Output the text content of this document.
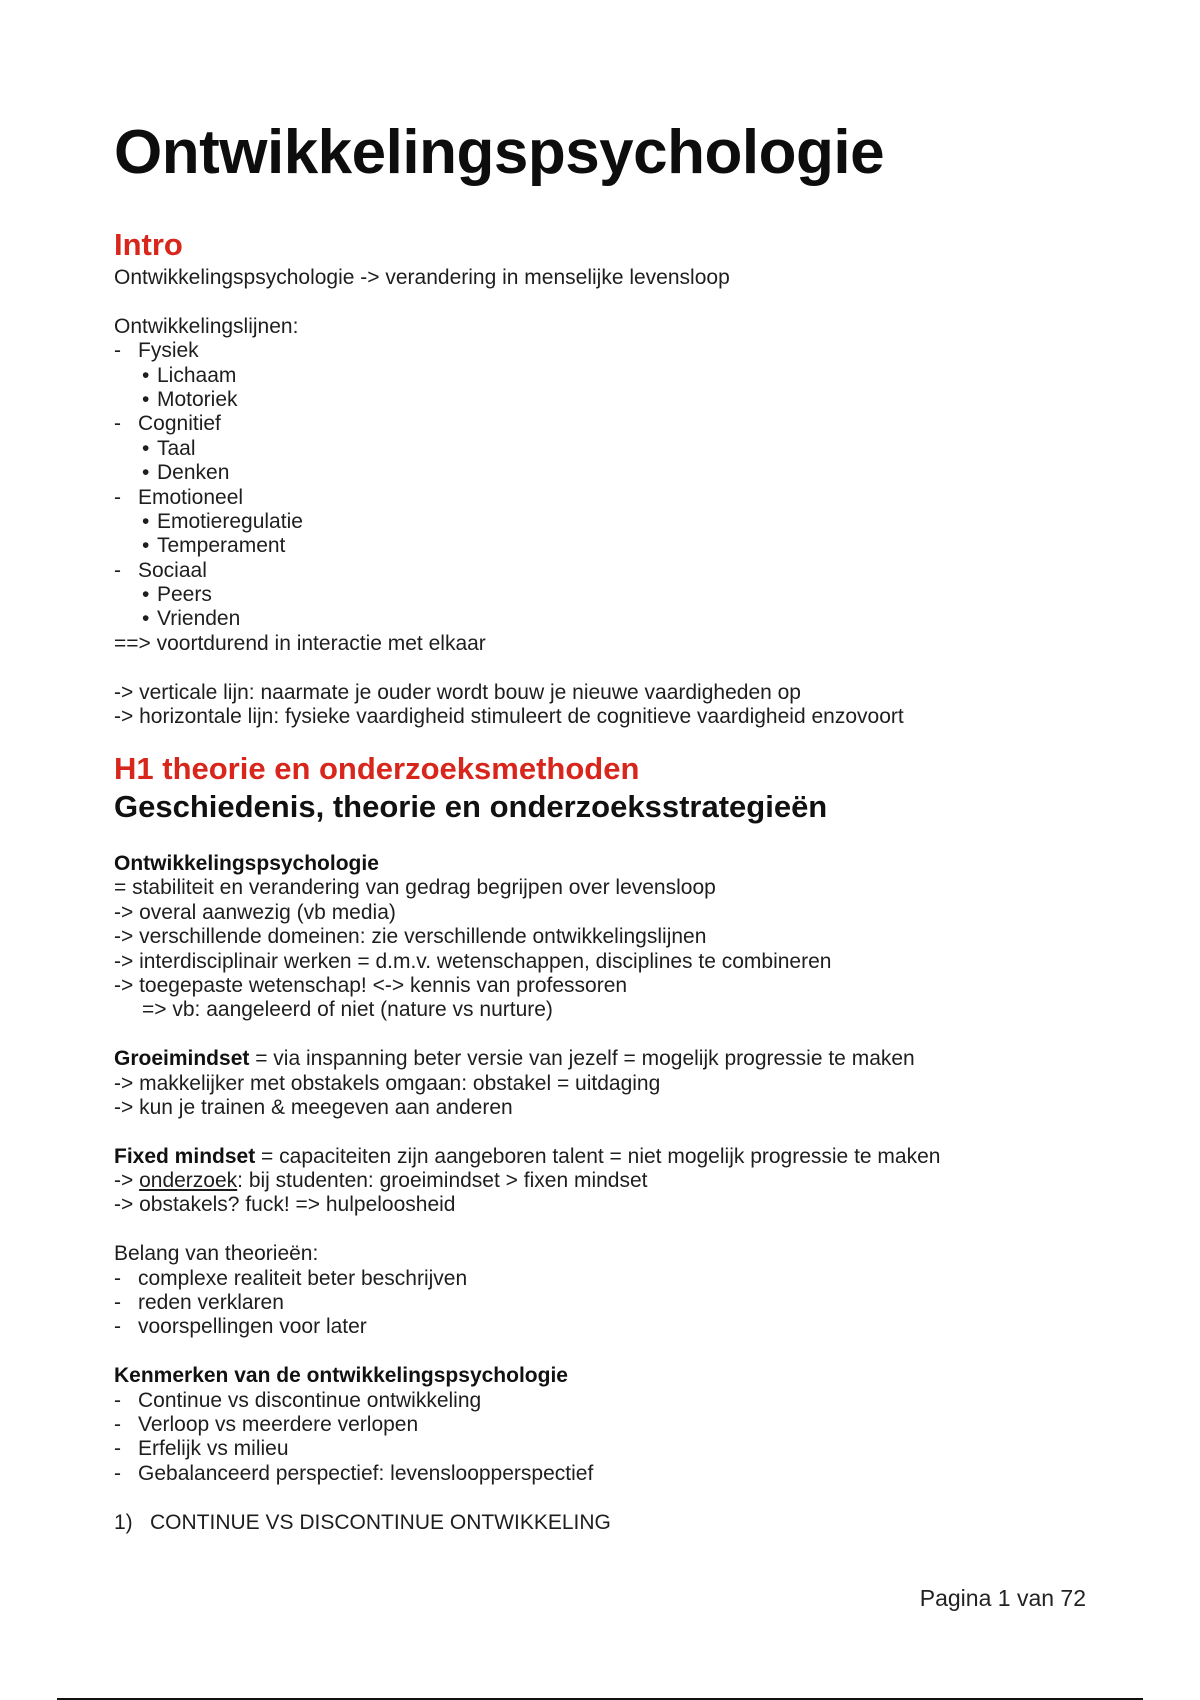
Ontwikkelingspsychologie
Intro
Ontwikkelingspsychologie -> verandering in menselijke levensloop
Ontwikkelingslijnen:
- Fysiek
• Lichaam
• Motoriek
- Cognitief
• Taal
• Denken
- Emotioneel
• Emotieregulatie
• Temperament
- Sociaal
• Peers
• Vrienden
==> voortdurend in interactie met elkaar
-> verticale lijn: naarmate je ouder wordt bouw je nieuwe vaardigheden op
-> horizontale lijn: fysieke vaardigheid stimuleert de cognitieve vaardigheid enzovoort
H1 theorie en onderzoeksmethoden
Geschiedenis, theorie en onderzoeksstrategieën
Ontwikkelingspsychologie
= stabiliteit en verandering van gedrag begrijpen over levensloop
-> overal aanwezig (vb media)
-> verschillende domeinen: zie verschillende ontwikkelingslijnen
-> interdisciplinair werken = d.m.v. wetenschappen, disciplines te combineren
-> toegepaste wetenschap! <-> kennis van professoren
=> vb: aangeleerd of niet (nature vs nurture)
Groeimindset = via inspanning beter versie van jezelf = mogelijk progressie te maken
-> makkelijker met obstakels omgaan: obstakel = uitdaging
-> kun je trainen & meegeven aan anderen
Fixed mindset = capaciteiten zijn aangeboren talent = niet mogelijk progressie te maken
-> onderzoek: bij studenten: groeimindset > fixen mindset
-> obstakels? fuck! => hulpeloosheid
Belang van theorieën:
- complexe realiteit beter beschrijven
- reden verklaren
- voorspellingen voor later
Kenmerken van de ontwikkelingspsychologie
- Continue vs discontinue ontwikkeling
- Verloop vs meerdere verlopen
- Erfelijk vs milieu
- Gebalanceerd perspectief: levensloopperspectief
1) CONTINUE VS DISCONTINUE ONTWIKKELING
Pagina 1 van 72
